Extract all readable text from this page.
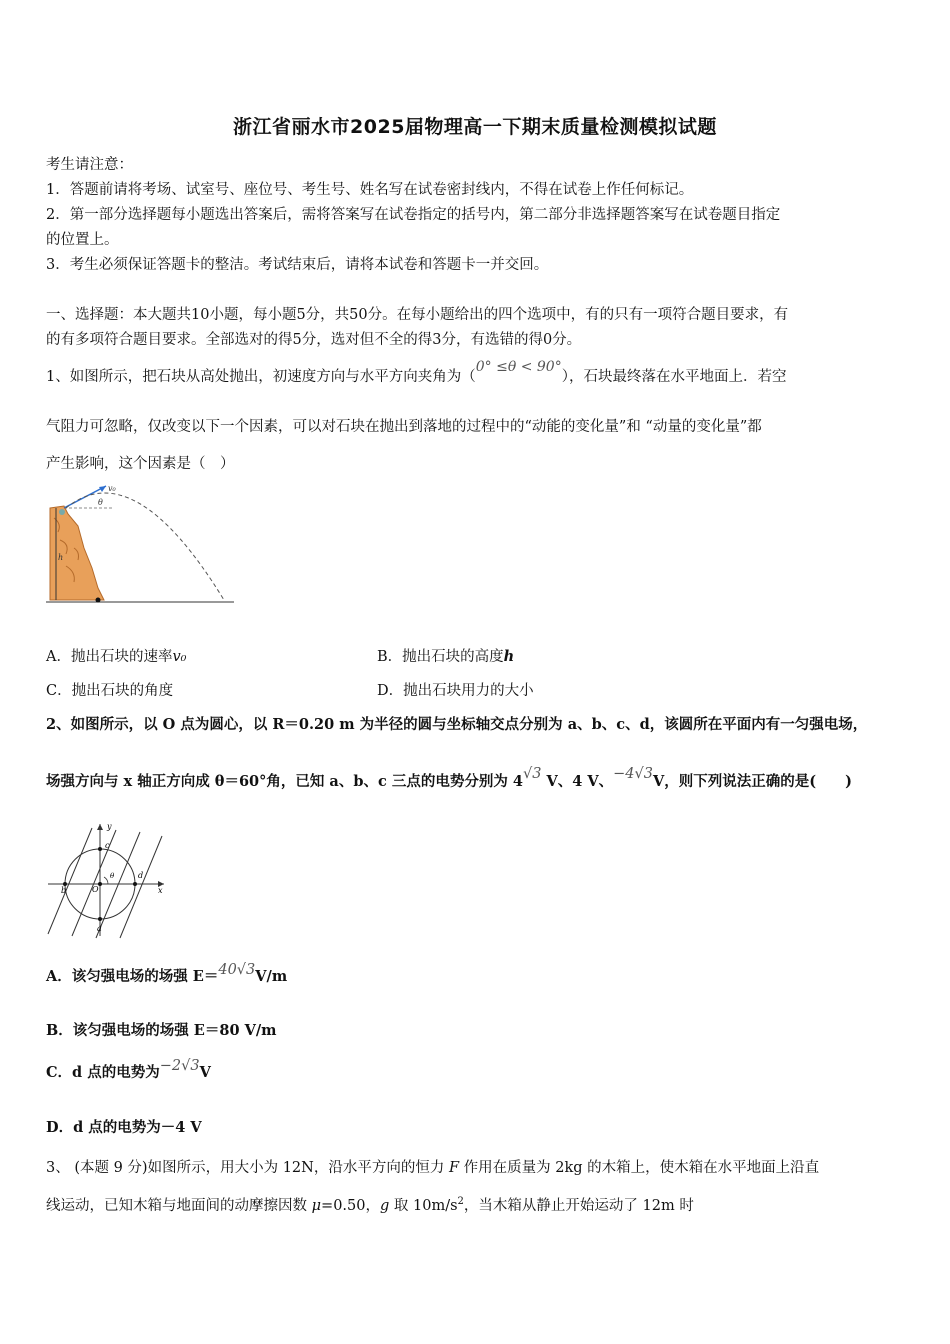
浙江省丽水市2025届物理高一下期末质量检测模拟试题
考生请注意：
1．答题前请将考场、试室号、座位号、考生号、姓名写在试卷密封线内，不得在试卷上作任何标记。
2．第一部分选择题每小题选出答案后，需将答案写在试卷指定的括号内，第二部分非选择题答案写在试卷题目指定
的位置上。
3．考生必须保证答题卡的整洁。考试结束后，请将本试卷和答题卡一并交回。
一、选择题：本大题共10小题，每小题5分，共50分。在每小题给出的四个选项中，有的只有一项符合题目要求，有
的有多项符合题目要求。全部选对的得5分，选对但不全的得3分，有选错的得0分。
1、如图所示，把石块从高处抛出，初速度方向与水平方向夹角为（0° ≤θ < 90°），石块最终落在水平地面上．若空
气阻力可忽略，仅改变以下一个因素，可以对石块在抛出到落地的过程中的“动能的变化量”和 “动量的变化量”都
产生影响，这个因素是（　）
v₀
θ
h
A．抛出石块的速率v₀	B．抛出石块的高度h
C．抛出石块的角度	D．抛出石块用力的大小
2、如图所示，以 O 点为圆心，以 R＝0.20 m 为半径的圆与坐标轴交点分别为 a、b、c、d，该圆所在平面内有一匀强电场，
场强方向与 x 轴正方向成 θ＝60°角，已知 a、b、c 三点的电势分别为 4√3 V、4 V、−4√3V，则下列说法正确的是(　　)
y
x
a
b
c
d
O
θ
A．该匀强电场的场强 E＝40√3V/m
B．该匀强电场的场强 E＝80 V/m
C．d 点的电势为−2√3V
D．d 点的电势为－4 V
3、 (本题 9 分)如图所示，用大小为 12N，沿水平方向的恒力 F 作用在质量为 2kg 的木箱上，使木箱在水平地面上沿直
线运动，已知木箱与地面间的动摩擦因数 μ=0.50，g 取 $10m/s^2$，当木箱从静止开始运动了 12m 时
